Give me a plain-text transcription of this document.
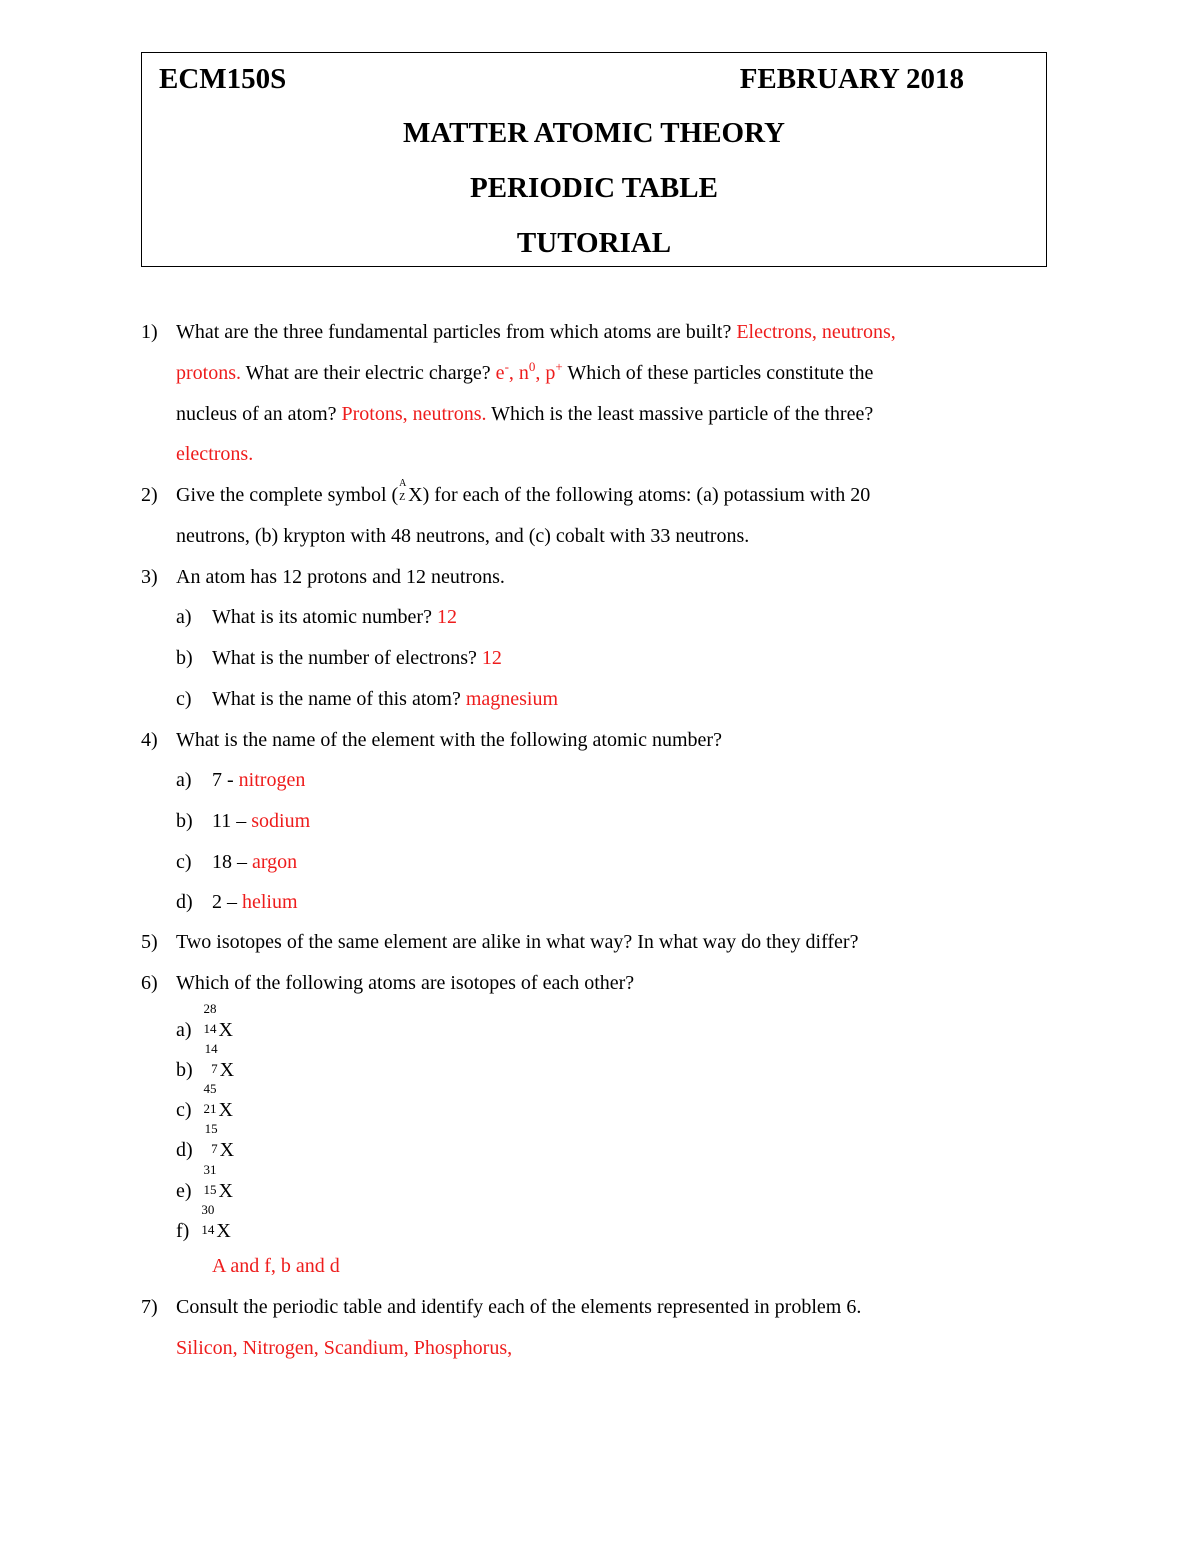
ECM150S	FEBRUARY 2018
MATTER ATOMIC THEORY
PERIODIC TABLE
TUTORIAL
1) What are the three fundamental particles from which atoms are built? Electrons, neutrons,
protons. What are their electric charge? e-, $n^0$, p+ Which of these particles constitute the
nucleus of an atom? Protons, neutrons. Which is the least massive particle of the three?
electrons.
2) Give the complete symbol (
A
Z X) for each of the following atoms: (a) potassium with 20
neutrons, (b) krypton with 48 neutrons, and (c) cobalt with 33 neutrons.
3) An atom has 12 protons and 12 neutrons.
a) What is its atomic number? 12
b) What is the number of electrons? 12
c) What is the name of this atom? magnesium
4) What is the name of the element with the following atomic number?
a) 7 - nitrogen
b) 11 – sodium
c) 18 – argon
d) 2 – helium
5) Two isotopes of the same element are alike in what way? In what way do they differ?
6) Which of the following atoms are isotopes of each other?
a)
28
14 X
b)
14
7 X
c)
45
21 X
d)
15
7 X
e)
31
15 X
f)
30
14 X
A and f, b and d
7) Consult the periodic table and identify each of the elements represented in problem 6.
Silicon, Nitrogen, Scandium, Phosphorus,
